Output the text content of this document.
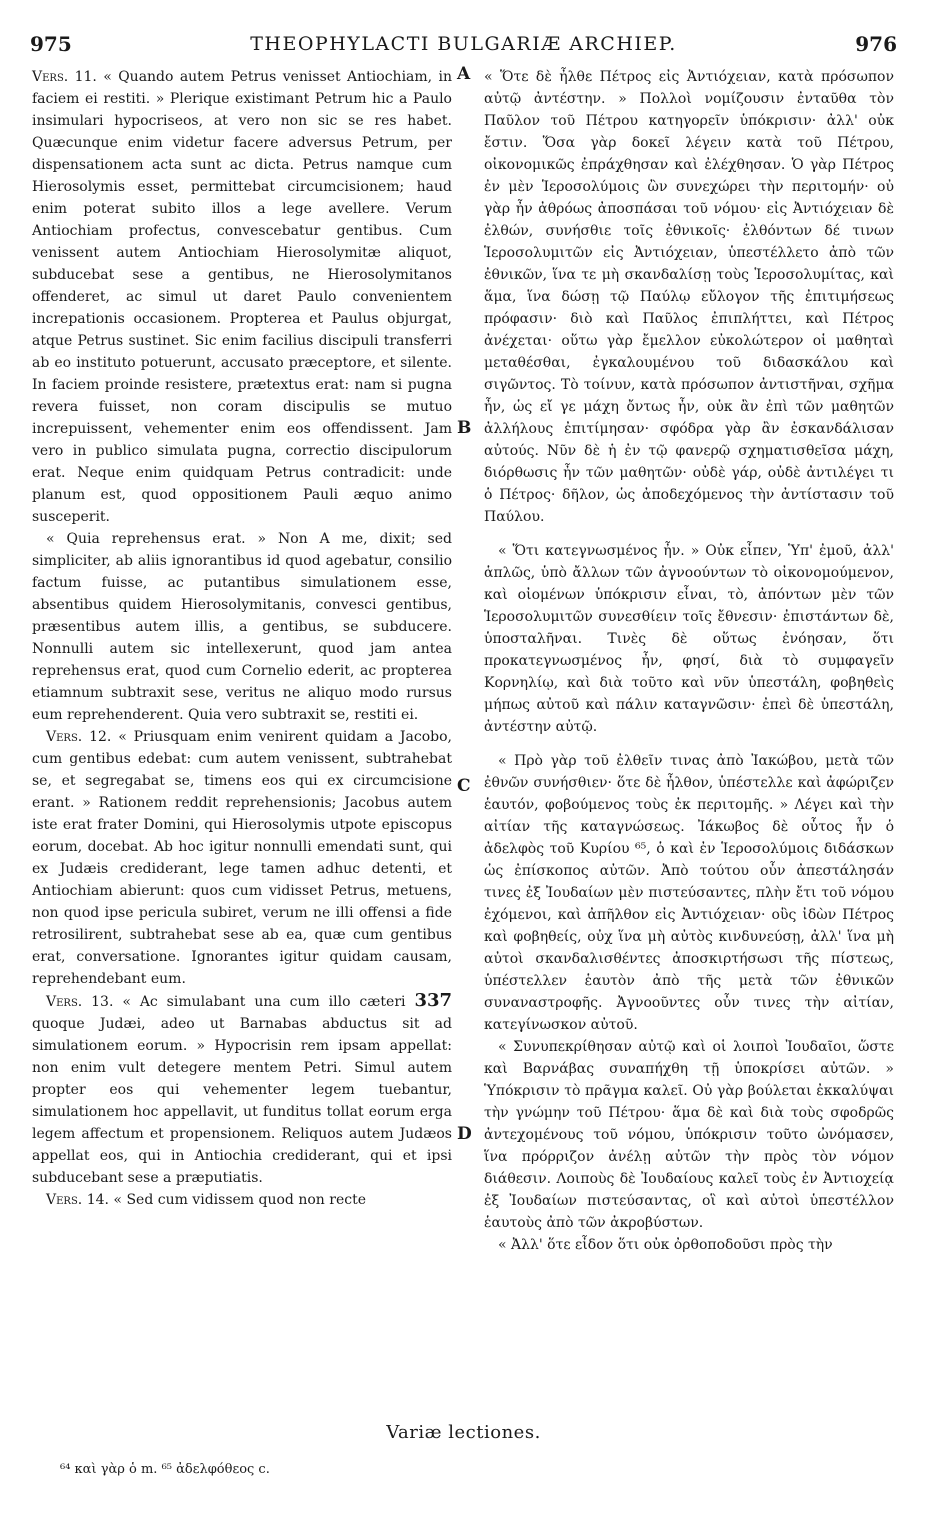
975	THEOPHYLACTI BULGARIÆ ARCHIEP.	976

Vers. 11. « Quando autem Petrus venisset Antiochiam, in faciem ei restiti. » Plerique existimant Petrum hic a Paulo insimulari hypocriseos, at vero non sic se res habet. Quæcunque enim videtur facere adversus Petrum, per dispensationem acta sunt ac dicta. Petrus namque cum Hierosolymis esset, permittebat circumcisionem; haud enim poterat subito illos a lege avellere. Verum Antiochiam profectus, convescebatur gentibus. Cum venissent autem Antiochiam Hierosolymitæ aliquot, subducebat sese a gentibus, ne Hierosolymitanos offenderet, ac simul ut daret Paulo convenientem increpationis occasionem. Propterea et Paulus objurgat, atque Petrus sustinet. Sic enim facilius discipuli transferri ab eo instituto potuerunt, accusato præceptore, et silente. In faciem proinde resistere, prætextus erat: nam si pugna revera fuisset, non coram discipulis se mutuo increpuissent, vehementer enim eos offendissent. Jam vero in publico simulata pugna, correctio discipulorum erat. Neque enim quidquam Petrus contradicit: unde planum est, quod oppositionem Pauli æquo animo susceperit.

« Quia reprehensus erat. » Non A me, dixit; sed simpliciter, ab aliis ignorantibus id quod agebatur, consilio factum fuisse, ac putantibus simulationem esse, absentibus quidem Hierosolymitanis, convesci gentibus, præsentibus autem illis, a gentibus, se subducere. Nonnulli autem sic intellexerunt, quod jam antea reprehensus erat, quod cum Cornelio ederit, ac propterea etiamnum subtraxit sese, veritus ne aliquo modo rursus eum reprehenderent. Quia vero subtraxit se, restiti ei.

Vers. 12. « Priusquam enim venirent quidam a Jacobo, cum gentibus edebat: cum autem venissent, subtrahebat se, et segregabat se, timens eos qui ex circumcisione erant. » Rationem reddit reprehensionis; Jacobus autem iste erat frater Domini, qui Hierosolymis utpote episcopus eorum, docebat. Ab hoc igitur nonnulli emendati sunt, qui ex Judæis crediderant, lege tamen adhuc detenti, et Antiochiam abierunt: quos cum vidisset Petrus, metuens, non quod ipse pericula subiret, verum ne illi offensi a fide retrosilirent, subtrahebat sese ab ea, quæ cum gentibus erat, conversatione. Ignorantes igitur quidam causam, reprehendebant eum.

Vers. 13. « Ac simulabant una cum illo cæteri 337 quoque Judæi, adeo ut Barnabas abductus sit ad simulationem eorum. » Hypocrisin rem ipsam appellat: non enim vult detegere mentem Petri. Simul autem propter eos qui vehementer legem tuebantur, simulationem hoc appellavit, ut funditus tollat eorum erga legem affectum et propensionem. Reliquos autem Judæos appellat eos, qui in Antiochia crediderant, qui et ipsi subducebant sese a præputiatis.

Vers. 14. « Sed cum vidissem quod non recte

A
B
C
D

« Ὅτε δὲ ἦλθε Πέτρος εἰς Ἀντιόχειαν, κατὰ πρόσωπον αὐτῷ ἀντέστην. » Πολλοὶ νομίζουσιν ἐνταῦθα τὸν Παῦλον τοῦ Πέτρου κατηγορεῖν ὑπόκρισιν· ἀλλ' οὐκ ἔστιν. Ὅσα γὰρ δοκεῖ λέγειν κατὰ τοῦ Πέτρου, οἰκονομικῶς ἐπράχθησαν καὶ ἐλέχθησαν. Ὁ γὰρ Πέτρος ἐν μὲν Ἱεροσολύμοις ὢν συνεχώρει τὴν περιτομήν· οὐ γὰρ ἦν ἀθρόως ἀποσπάσαι τοῦ νόμου· εἰς Ἀντιόχειαν δὲ ἐλθών, συνήσθιε τοῖς ἐθνικοῖς· ἐλθόντων δέ τινων Ἱεροσολυμιτῶν εἰς Ἀντιόχειαν, ὑπεστέλλετο ἀπὸ τῶν ἐθνικῶν, ἵνα τε μὴ σκανδαλίσῃ τοὺς Ἱεροσολυμίτας, καὶ ἅμα, ἵνα δώσῃ τῷ Παύλῳ εὔλογον τῆς ἐπιτιμήσεως πρόφασιν· διὸ καὶ Παῦλος ἐπιπλήττει, καὶ Πέτρος ἀνέχεται· οὕτω γὰρ ἔμελλον εὐκολώτερον οἱ μαθηταὶ μεταθέσθαι, ἐγκαλουμένου τοῦ διδασκάλου καὶ σιγῶντος. Τὸ τοίνυν, κατὰ πρόσωπον ἀντιστῆναι, σχῆμα ἦν, ὡς εἴ γε μάχη ὄντως ἦν, οὐκ ἂν ἐπὶ τῶν μαθητῶν ἀλλήλους ἐπιτίμησαν· σφόδρα γὰρ ἂν ἐσκανδάλισαν αὐτούς. Νῦν δὲ ἡ ἐν τῷ φανερῷ σχηματισθεῖσα μάχη, διόρθωσις ἦν τῶν μαθητῶν· οὐδὲ γάρ, οὐδὲ ἀντιλέγει τι ὁ Πέτρος· δῆλον, ὡς ἀποδεχόμενος τὴν ἀντίστασιν τοῦ Παύλου.

« Ὅτι κατεγνωσμένος ἦν. » Οὐκ εἶπεν, Ὑπ' ἐμοῦ, ἀλλ' ἁπλῶς, ὑπὸ ἄλλων τῶν ἀγνοούντων τὸ οἰκονομούμενον, καὶ οἰομένων ὑπόκρισιν εἶναι, τὸ, ἀπόντων μὲν τῶν Ἱεροσολυμιτῶν συνεσθίειν τοῖς ἔθνεσιν· ἐπιστάντων δὲ, ὑποσταλῆναι. Τινὲς δὲ οὕτως ἐνόησαν, ὅτι προκατεγνωσμένος ἦν, φησί, διὰ τὸ συμφαγεῖν Κορνηλίῳ, καὶ διὰ τοῦτο καὶ νῦν ὑπεστάλη, φοβηθεὶς μήπως αὐτοῦ καὶ πάλιν καταγνῶσιν· ἐπεὶ δὲ ὑπεστάλη, ἀντέστην αὐτῷ.

« Πρὸ γὰρ τοῦ ἐλθεῖν τινας ἀπὸ Ἰακώβου, μετὰ τῶν ἐθνῶν συνήσθιεν· ὅτε δὲ ἦλθον, ὑπέστελλε καὶ ἀφώριζεν ἑαυτόν, φοβούμενος τοὺς ἐκ περιτομῆς. » Λέγει καὶ τὴν αἰτίαν τῆς καταγνώσεως. Ἰάκωβος δὲ οὗτος ἦν ὁ ἀδελφὸς τοῦ Κυρίου ⁶⁵, ὁ καὶ ἐν Ἱεροσολύμοις διδάσκων ὡς ἐπίσκοπος αὐτῶν. Ἀπὸ τούτου οὖν ἀπεστάλησάν τινες ἐξ Ἰουδαίων μὲν πιστεύσαντες, πλὴν ἔτι τοῦ νόμου ἐχόμενοι, καὶ ἀπῆλθον εἰς Ἀντιόχειαν· οὓς ἰδὼν Πέτρος καὶ φοβηθείς, οὐχ ἵνα μὴ αὐτὸς κινδυνεύσῃ, ἀλλ' ἵνα μὴ αὐτοὶ σκανδαλισθέντες ἀποσκιρτήσωσι τῆς πίστεως, ὑπέστελλεν ἑαυτὸν ἀπὸ τῆς μετὰ τῶν ἐθνικῶν συναναστροφῆς. Ἀγνοοῦντες οὖν τινες τὴν αἰτίαν, κατεγίνωσκον αὐτοῦ.

« Συνυπεκρίθησαν αὐτῷ καὶ οἱ λοιποὶ Ἰουδαῖοι, ὥστε καὶ Βαρνάβας συναπήχθη τῇ ὑποκρίσει αὐτῶν. » Ὑπόκρισιν τὸ πρᾶγμα καλεῖ. Οὐ γὰρ βούλεται ἐκκαλύψαι τὴν γνώμην τοῦ Πέτρου· ἅμα δὲ καὶ διὰ τοὺς σφοδρῶς ἀντεχομένους τοῦ νόμου, ὑπόκρισιν τοῦτο ὠνόμασεν, ἵνα πρόρριζον ἀνέλῃ αὐτῶν τὴν πρὸς τὸν νόμον διάθεσιν. Λοιποὺς δὲ Ἰουδαίους καλεῖ τοὺς ἐν Ἀντιοχείᾳ ἐξ Ἰουδαίων πιστεύσαντας, οἳ καὶ αὐτοὶ ὑπεστέλλον ἑαυτοὺς ἀπὸ τῶν ἀκροβύστων.

« Ἀλλ' ὅτε εἶδον ὅτι οὐκ ὀρθοποδοῦσι πρὸς τὴν

Variæ lectiones.
⁶⁴ καὶ γὰρ ὁ m. ⁶⁵ ἀδελφόθεος c.
